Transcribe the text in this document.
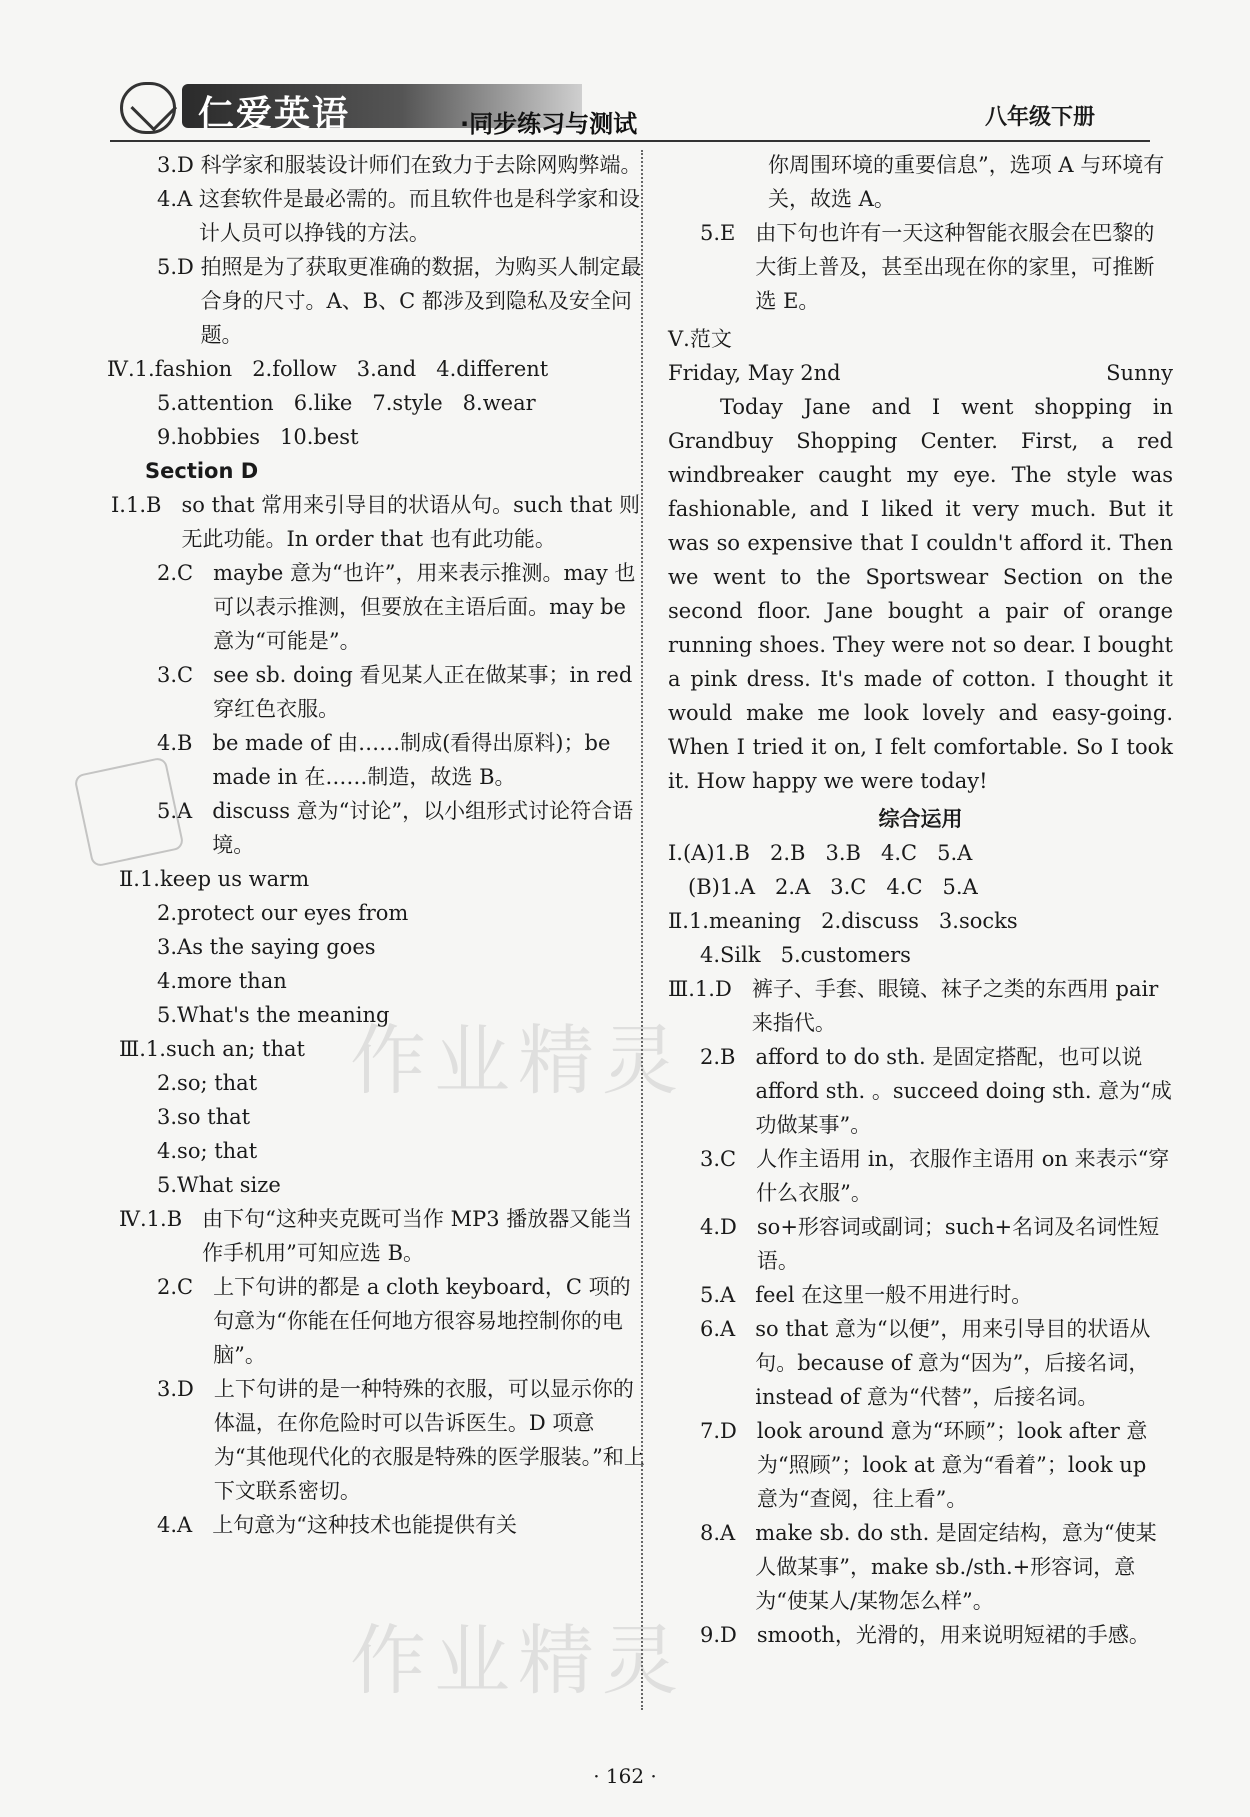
仁爱英语	·同步练习与测试	八年级下册
3.D
科学家和服装设计师们在致力于去除网购弊端。
4.A
这套软件是最必需的。而且软件也是科学家和设计人员可以挣钱的方法。
5.D
拍照是为了获取更准确的数据，为购买人制定最合身的尺寸。A、B、C 都涉及到隐私及安全问题。
Ⅳ.1.fashion   2.follow   3.and   4.different
5.attention   6.like   7.style   8.wear
9.hobbies   10.best
Section D
Ⅰ.1.B
so that 常用来引导目的状语从句。such that 则无此功能。In order that 也有此功能。
2.C
maybe 意为“也许”，用来表示推测。may 也可以表示推测，但要放在主语后面。may be 意为“可能是”。
3.C
see sb. doing 看见某人正在做某事；in red 穿红色衣服。
4.B
be made of 由……制成(看得出原料)；be made in 在……制造，故选 B。
5.A
discuss 意为“讨论”，以小组形式讨论符合语境。
Ⅱ.1.keep us warm
2.protect our eyes from
3.As the saying goes
4.more than
5.What's the meaning
Ⅲ.1.such an; that
2.so; that
3.so that
4.so; that
5.What size
Ⅳ.1.B
由下句“这种夹克既可当作 MP3 播放器又能当作手机用”可知应选 B。
2.C
上下句讲的都是 a cloth keyboard，C 项的句意为“你能在任何地方很容易地控制你的电脑”。
3.D
上下句讲的是一种特殊的衣服，可以显示你的体温，在你危险时可以告诉医生。D 项意为“其他现代化的衣服是特殊的医学服装。”和上下文联系密切。
4.A
上句意为“这种技术也能提供有关
你周围环境的重要信息”，选项 A 与环境有关，故选 A。
5.E
由下句也许有一天这种智能衣服会在巴黎的大街上普及，甚至出现在你的家里，可推断选 E。
Ⅴ.范文
Friday, May 2nd	Sunny
Today Jane and I went shopping in Grandbuy Shopping Center. First, a red windbreaker caught my eye. The style was fashionable, and I liked it very much. But it was so expensive that I couldn't afford it. Then we went to the Sportswear Section on the second floor. Jane bought a pair of orange running shoes. They were not so dear. I bought a pink dress. It's made of cotton. I thought it would make me look lovely and easy-going. When I tried it on, I felt comfortable. So I took it. How happy we were today!
综合运用
Ⅰ.(A)1.B   2.B   3.B   4.C   5.A
(B)1.A   2.A   3.C   4.C   5.A
Ⅱ.1.meaning   2.discuss   3.socks
4.Silk   5.customers
Ⅲ.1.D
裤子、手套、眼镜、袜子之类的东西用 pair 来指代。
2.B
afford to do sth. 是固定搭配，也可以说 afford sth. 。succeed doing sth. 意为“成功做某事”。
3.C
人作主语用 in，衣服作主语用 on 来表示“穿什么衣服”。
4.D
so+形容词或副词；such+名词及名词性短语。
5.A
feel 在这里一般不用进行时。
6.A
so that 意为“以便”，用来引导目的状语从句。because of 意为“因为”，后接名词，instead of 意为“代替”，后接名词。
7.D
look around 意为“环顾”；look after 意为“照顾”；look at 意为“看着”；look up 意为“查阅，往上看”。
8.A
make sb. do sth. 是固定结构，意为“使某人做某事”，make sb./sth.+形容词，意为“使某人/某物怎么样”。
9.D
smooth，光滑的，用来说明短裙的手感。
作业精灵
作业精灵
· 162 ·
